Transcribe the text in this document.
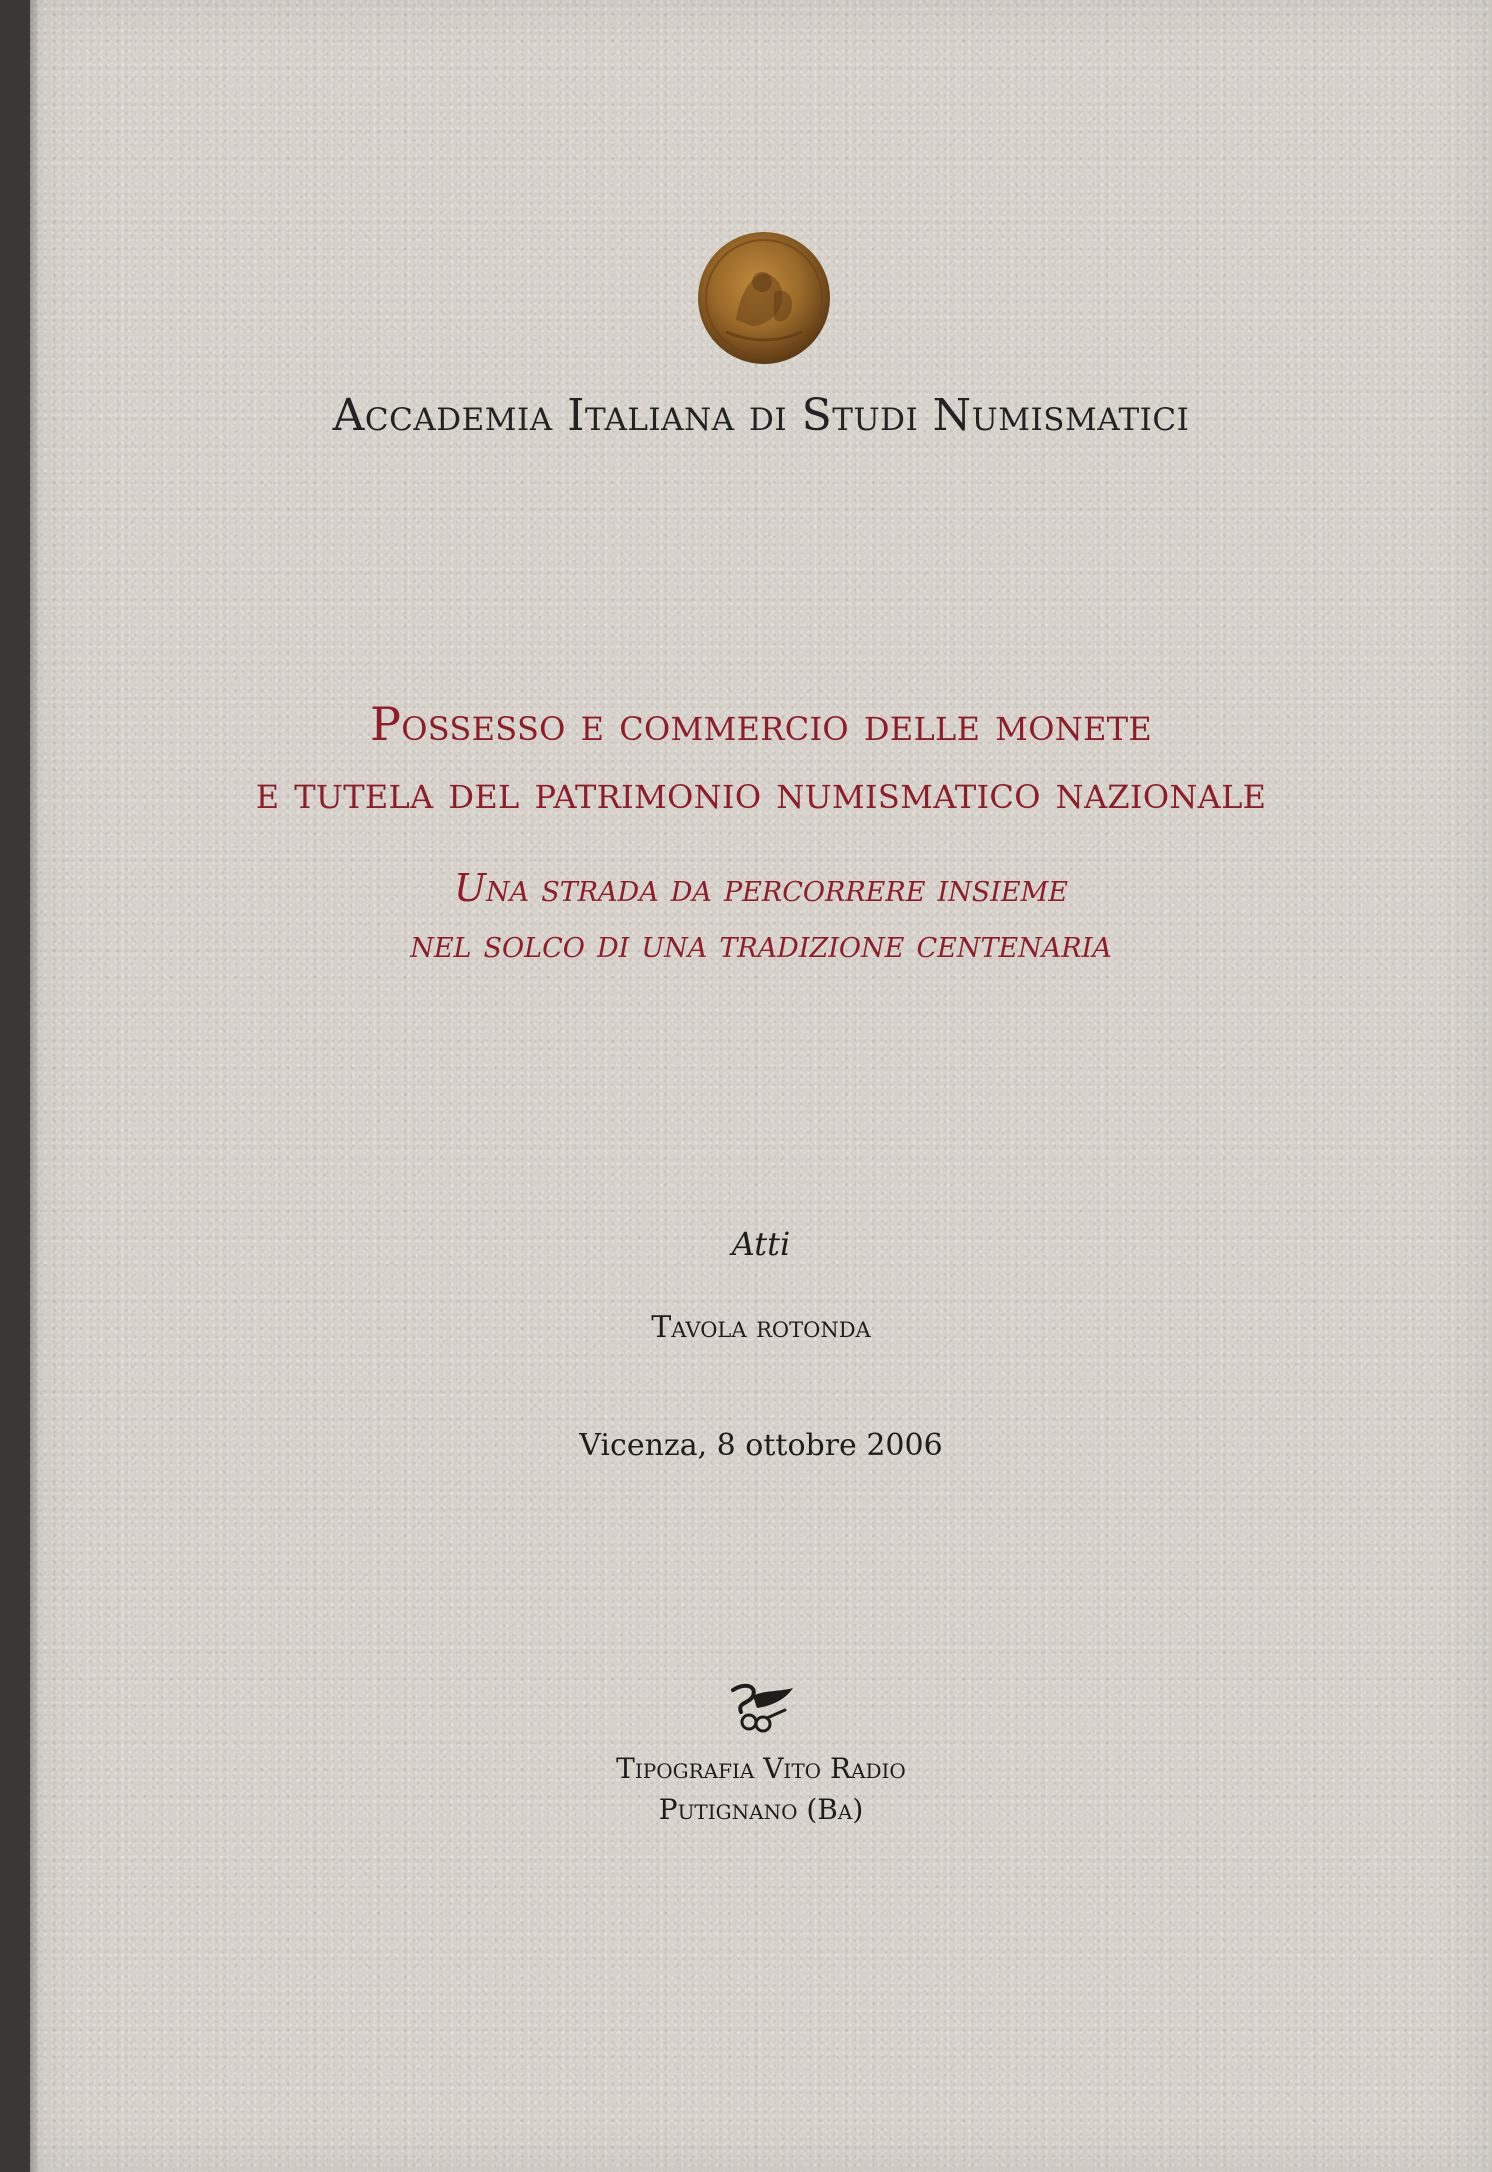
Accademia Italiana di Studi Numismatici

Possesso e commercio delle monete

e tutela del patrimonio numismatico nazionale

Una strada da percorrere insieme

nel solco di una tradizione centenaria

Atti

Tavola rotonda

Vicenza, 8 ottobre 2006

Tipografia Vito Radio

Putignano (Ba)
